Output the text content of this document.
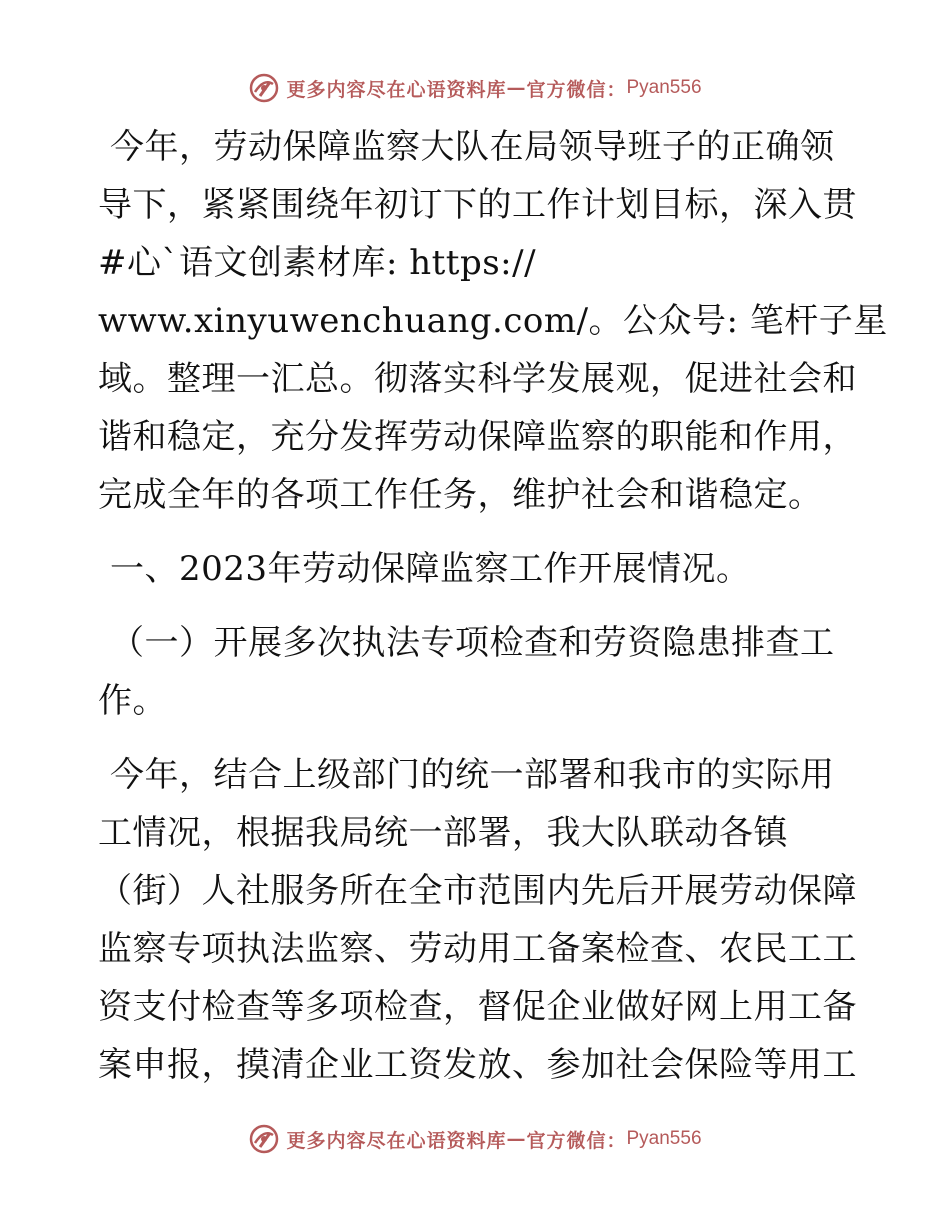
更多内容尽在心语资料库 — 官方微信： Pyan556
今年，劳动保障监察大队在局领导班子的正确领
导下，紧紧围绕年初订下的工作计划目标，深入贯
#心`语文创素材库: https://
www.xinyuwenchuang.com/。公众号: 笔杆子星
域。整理一汇总。彻落实科学发展观，促进社会和
谐和稳定，充分发挥劳动保障监察的职能和作用，
完成全年的各项工作任务，维护社会和谐稳定。
一、2023年劳动保障监察工作开展情况。
（一）开展多次执法专项检查和劳资隐患排查工
作。
今年，结合上级部门的统一部署和我市的实际用
工情况，根据我局统一部署，我大队联动各镇
（街）人社服务所在全市范围内先后开展劳动保障
监察专项执法监察、劳动用工备案检查、农民工工
资支付检查等多项检查，督促企业做好网上用工备
案申报，摸清企业工资发放、参加社会保险等用工
更多内容尽在心语资料库 — 官方微信： Pyan556
